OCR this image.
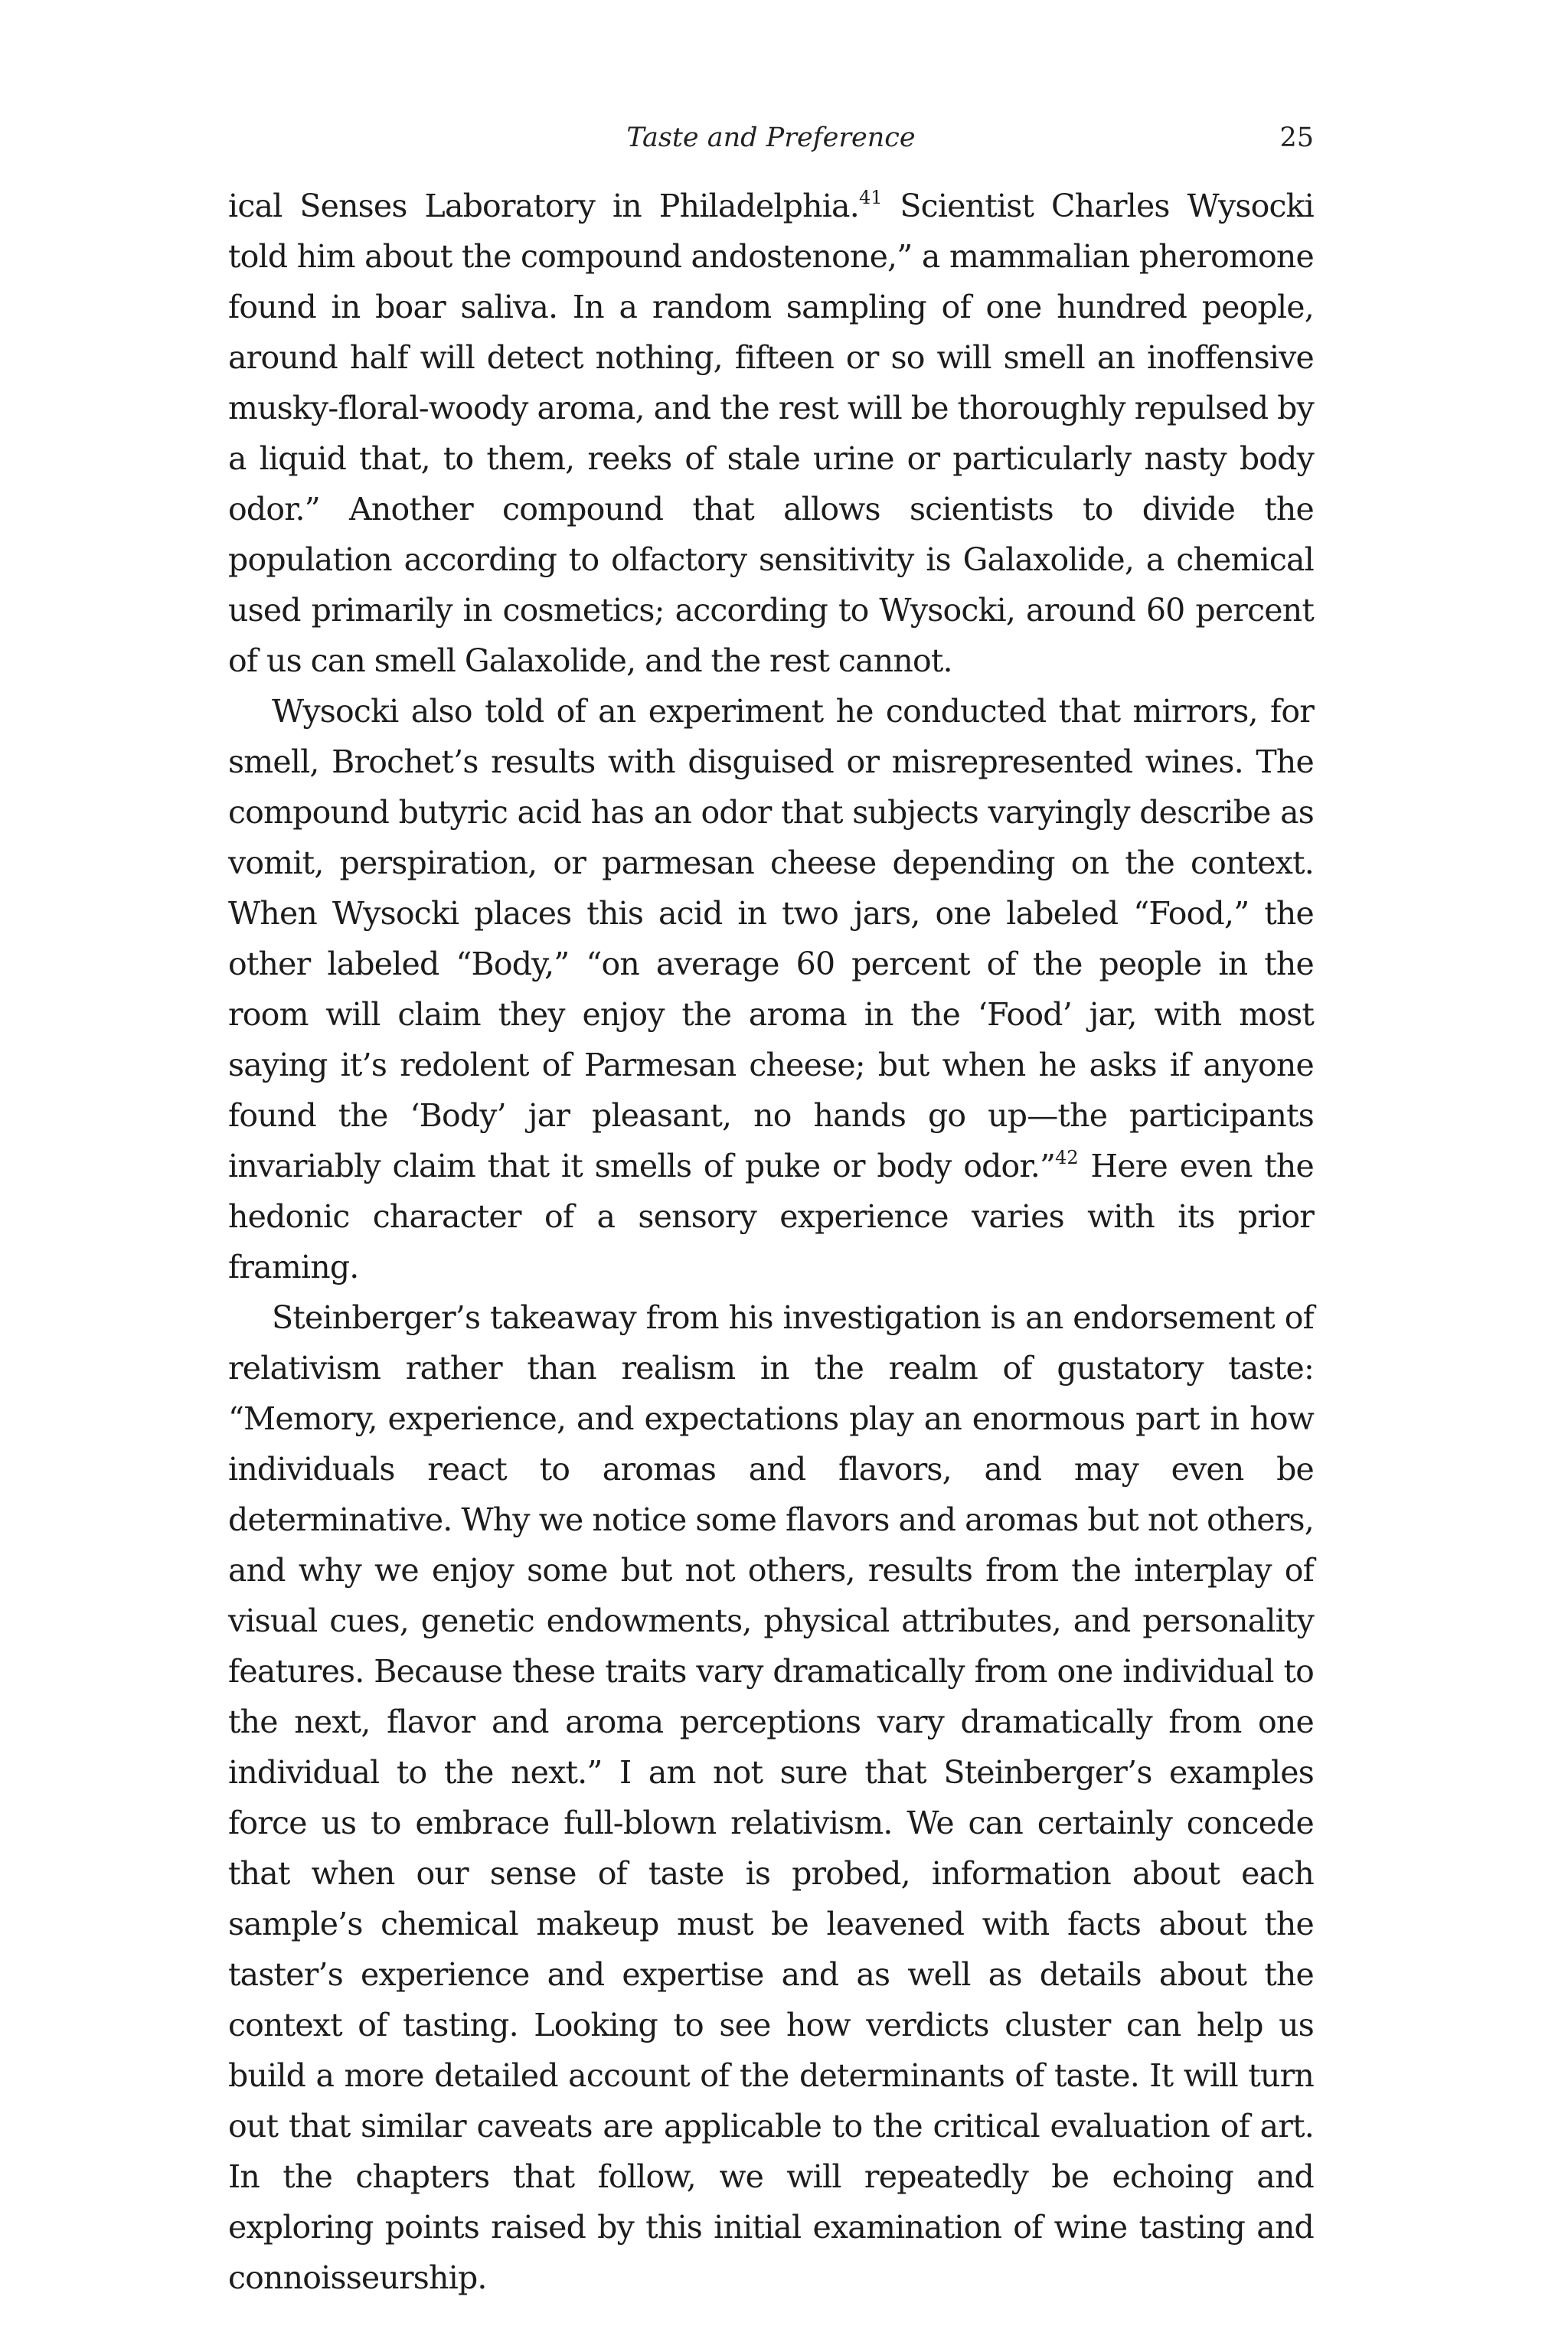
Taste and Preference	25

ical Senses Laboratory in Philadelphia.$^{41}$ Scientist Charles Wysocki told him about the compound andostenone,” a mammalian pheromone found in boar saliva. In a random sampling of one hundred people, around half will detect nothing, fifteen or so will smell an inoffensive musky-floral-woody aroma, and the rest will be thoroughly repulsed by a liquid that, to them, reeks of stale urine or particularly nasty body odor.” Another compound that allows scientists to divide the population according to olfactory sensitivity is Galaxolide, a chemical used primarily in cosmetics; according to Wysocki, around 60 percent of us can smell Galaxolide, and the rest cannot.

Wysocki also told of an experiment he conducted that mirrors, for smell, Brochet’s results with disguised or misrepresented wines. The compound butyric acid has an odor that subjects varyingly describe as vomit, perspiration, or parmesan cheese depending on the context. When Wysocki places this acid in two jars, one labeled “Food,” the other labeled “Body,” “on average 60 percent of the people in the room will claim they enjoy the aroma in the ‘Food’ jar, with most saying it’s redolent of Parmesan cheese; but when he asks if anyone found the ‘Body’ jar pleasant, no hands go up—the participants invariably claim that it smells of puke or body odor.”$^{42}$ Here even the hedonic character of a sensory experience varies with its prior framing.

Steinberger’s takeaway from his investigation is an endorsement of relativism rather than realism in the realm of gustatory taste: “Memory, experience, and expectations play an enormous part in how individuals react to aromas and flavors, and may even be determinative. Why we notice some flavors and aromas but not others, and why we enjoy some but not others, results from the interplay of visual cues, genetic endowments, physical attributes, and personality features. Because these traits vary dramatically from one individual to the next, flavor and aroma perceptions vary dramatically from one individual to the next.” I am not sure that Steinberger’s examples force us to embrace full-blown relativism. We can certainly concede that when our sense of taste is probed, information about each sample’s chemical makeup must be leavened with facts about the taster’s experience and expertise and as well as details about the context of tasting. Looking to see how verdicts cluster can help us build a more detailed account of the determinants of taste. It will turn out that similar caveats are applicable to the critical evaluation of art. In the chapters that follow, we will repeatedly be echoing and exploring points raised by this initial examination of wine tasting and connoisseurship.
